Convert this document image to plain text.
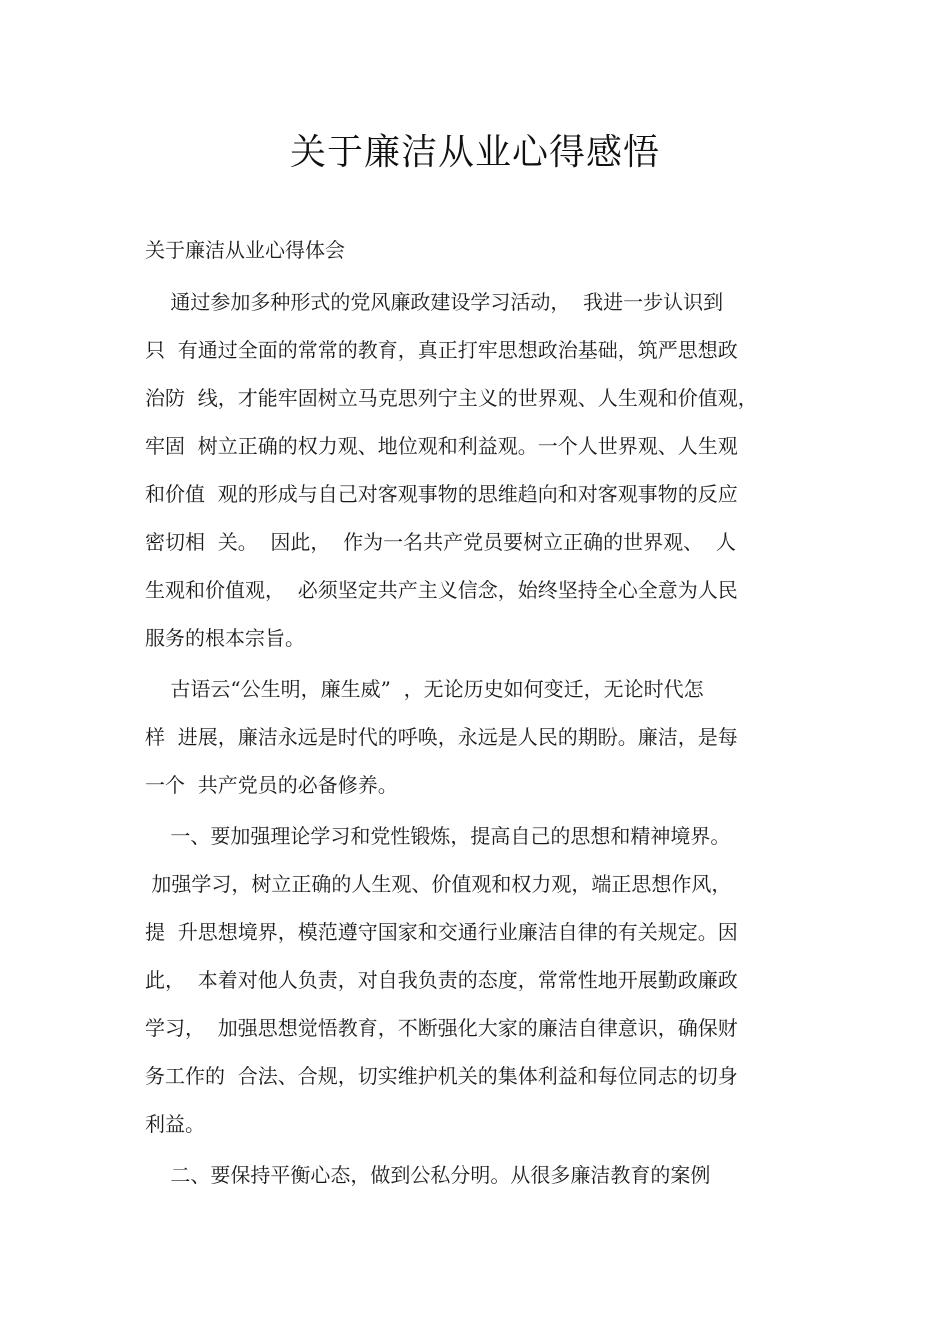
关于廉洁从业心得感悟
关于廉洁从业心得体会
通过参加多种形式的党风廉政建设学习活动，  我进一步认识到
只  有通过全面的常常的教育，真正打牢思想政治基础，筑严思想政
治防  线，才能牢固树立马克思列宁主义的世界观、人生观和价值观，
牢固  树立正确的权力观、地位观和利益观。一个人世界观、人生观
和价值  观的形成与自己对客观事物的思维趋向和对客观事物的反应
密切相  关。  因此，  作为一名共产党员要树立正确的世界观、  人
生观和价值观，  必须坚定共产主义信念，始终坚持全心全意为人民
服务的根本宗旨。
古语云“公生明，廉生威”  ，无论历史如何变迁，无论时代怎
样  进展，廉洁永远是时代的呼唤，永远是人民的期盼。廉洁，是每
一个  共产党员的必备修养。
一、要加强理论学习和党性锻炼，提高自己的思想和精神境界。
加强学习，树立正确的人生观、价值观和权力观，端正思想作风，
提  升思想境界，模范遵守国家和交通行业廉洁自律的有关规定。因
此，  本着对他人负责，对自我负责的态度，常常性地开展勤政廉政
学习，  加强思想觉悟教育，不断强化大家的廉洁自律意识，确保财
务工作的  合法、合规，切实维护机关的集体利益和每位同志的切身
利益。
二、要保持平衡心态，做到公私分明。从很多廉洁教育的案例
